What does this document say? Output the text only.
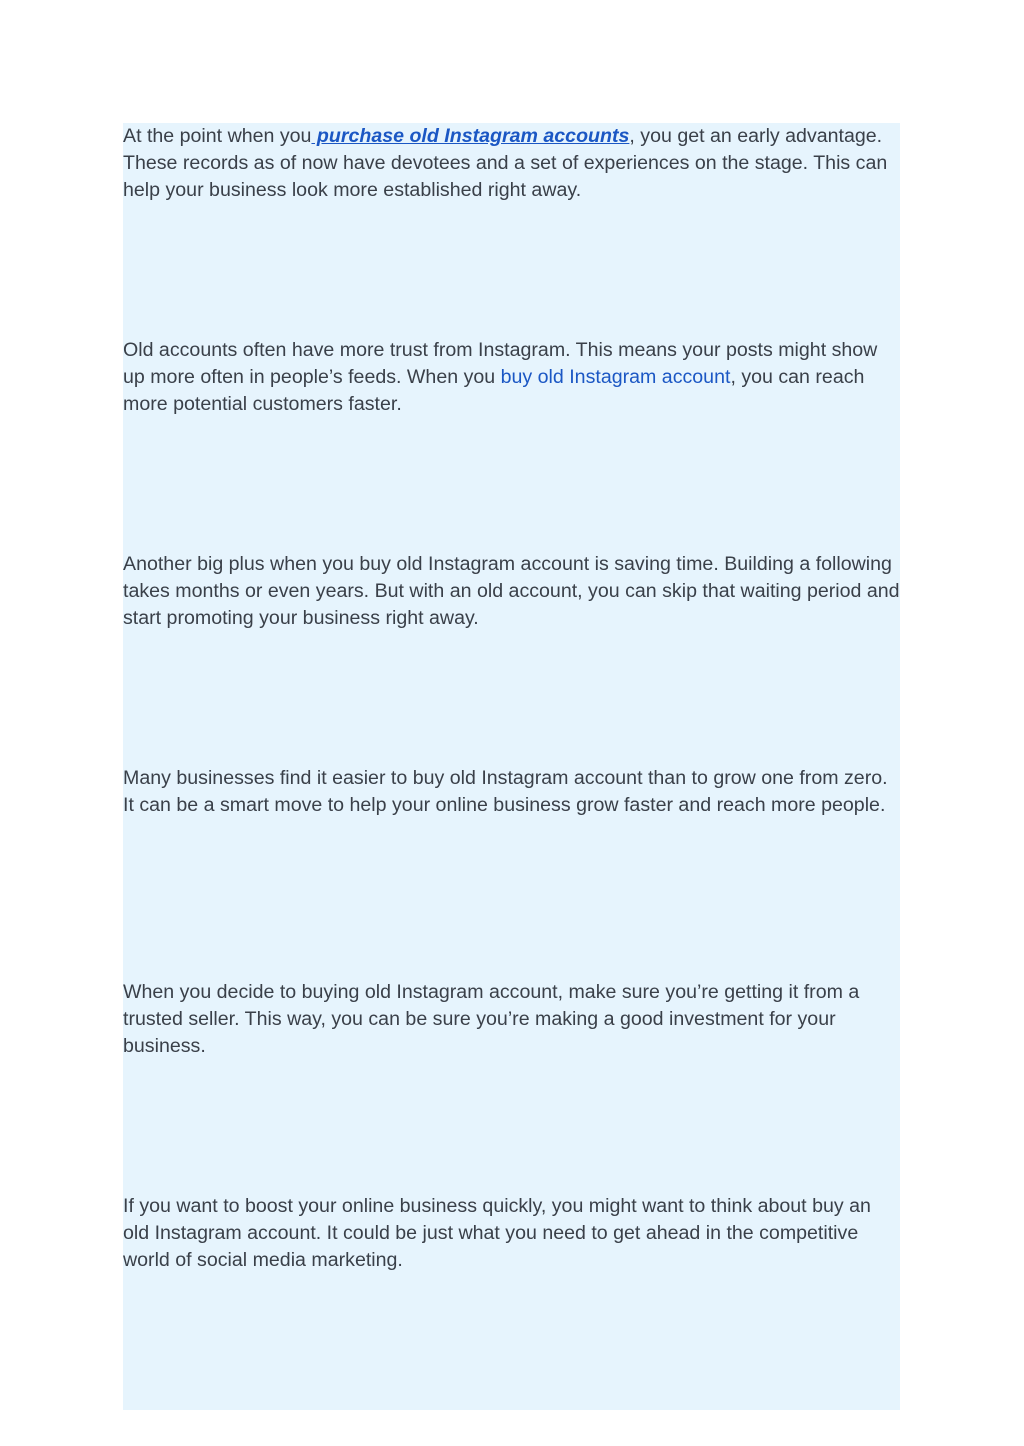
At the point when you purchase old Instagram accounts, you get an early advantage. These records as of now have devotees and a set of experiences on the stage. This can help your business look more established right away.

Old accounts often have more trust from Instagram. This means your posts might show up more often in people’s feeds. When you buy old Instagram account, you can reach more potential customers faster.

Another big plus when you buy old Instagram account is saving time. Building a following takes months or even years. But with an old account, you can skip that waiting period and start promoting your business right away.

Many businesses find it easier to buy old Instagram account than to grow one from zero. It can be a smart move to help your online business grow faster and reach more people.

When you decide to buying old Instagram account, make sure you’re getting it from a trusted seller. This way, you can be sure you’re making a good investment for your business.

If you want to boost your online business quickly, you might want to think about buy an old Instagram account. It could be just what you need to get ahead in the competitive world of social media marketing.
